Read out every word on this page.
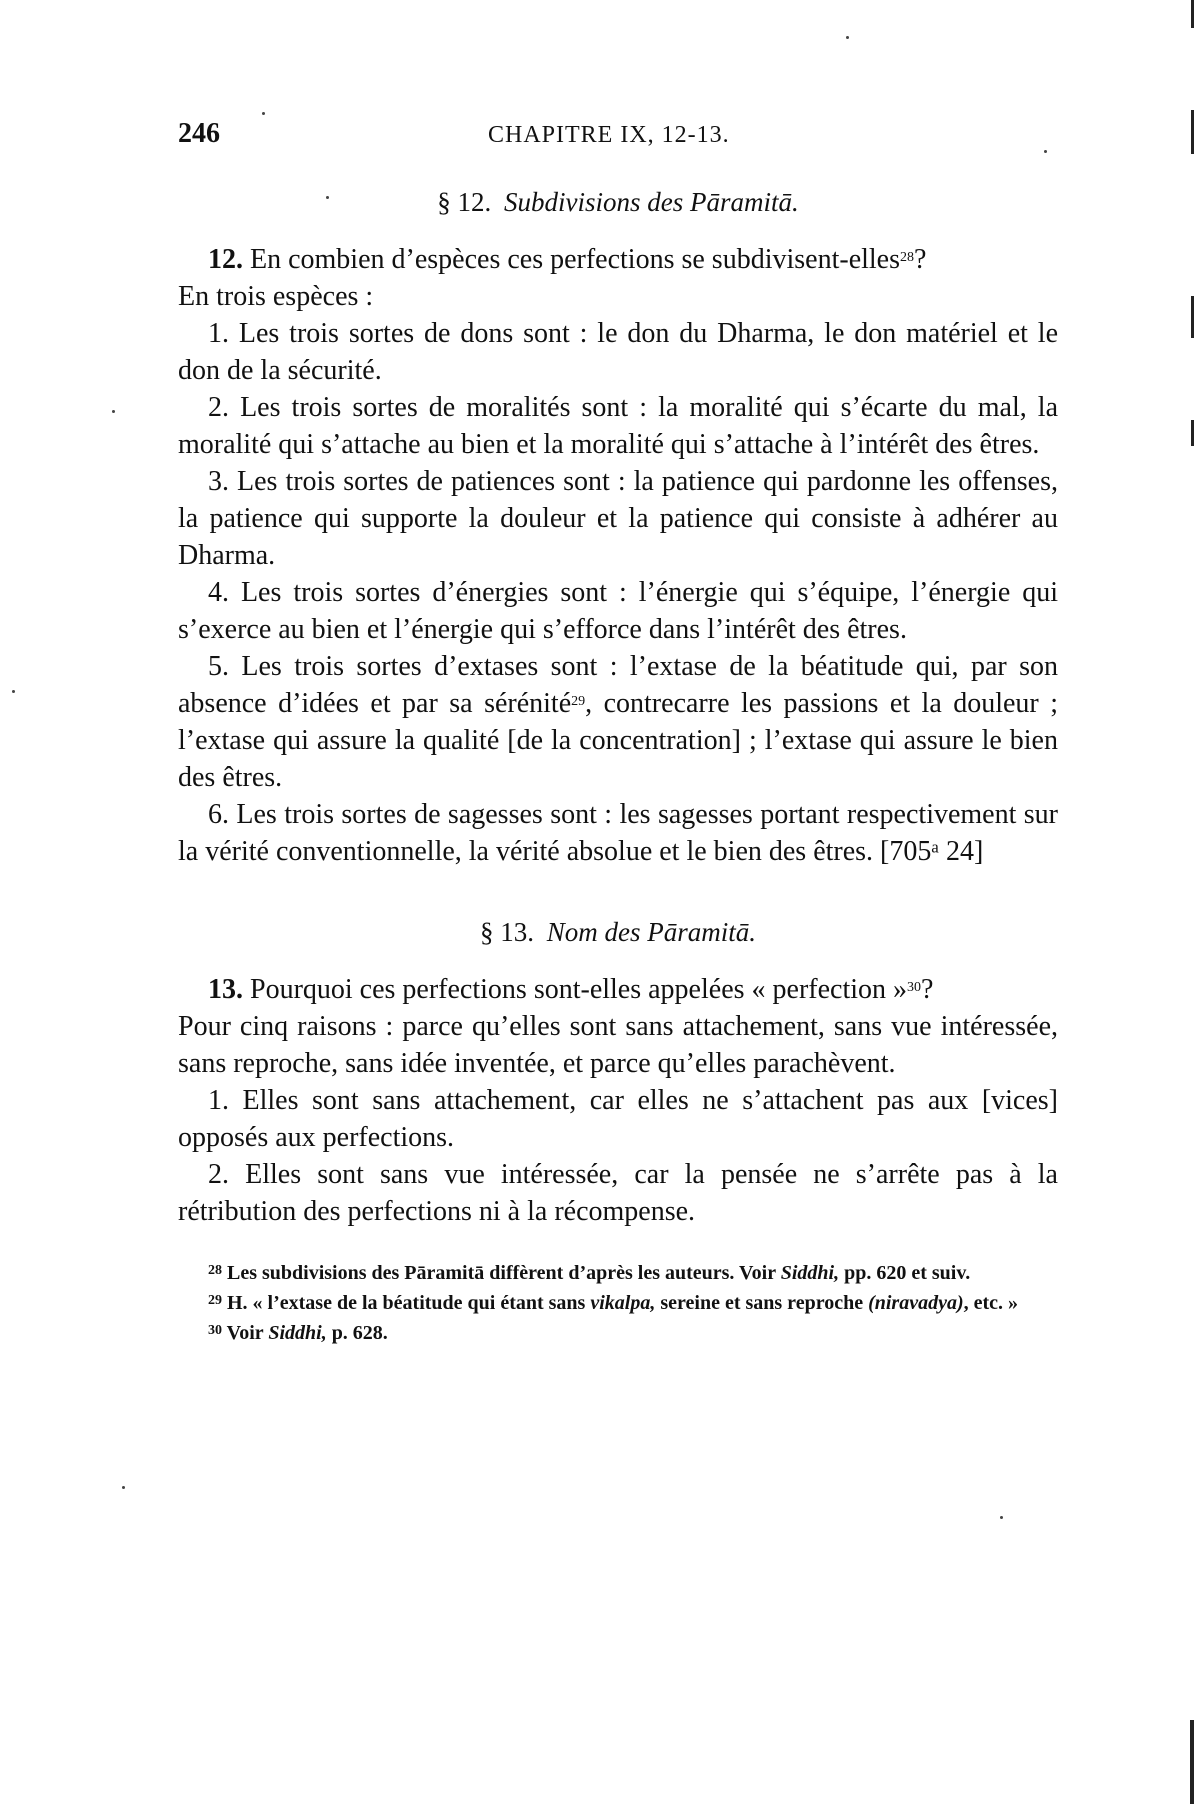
246	CHAPITRE IX, 12-13.
§ 12. Subdivisions des Pāramitā.

12. En combien d’espèces ces perfections se subdivisent-elles$^{28}$?

En trois espèces :

1. Les trois sortes de dons sont : le don du Dharma, le don matériel et le don de la sécurité.

2. Les trois sortes de moralités sont : la moralité qui s’écarte du mal, la moralité qui s’attache au bien et la moralité qui s’attache à l’intérêt des êtres.

3. Les trois sortes de patiences sont : la patience qui pardonne les offenses, la patience qui supporte la douleur et la patience qui consiste à adhérer au Dharma.

4. Les trois sortes d’énergies sont : l’énergie qui s’équipe, l’énergie qui s’exerce au bien et l’énergie qui s’efforce dans l’intérêt des êtres.

5. Les trois sortes d’extases sont : l’extase de la béatitude qui, par son absence d’idées et par sa sérénité$^{29}$, contrecarre les passions et la douleur ; l’extase qui assure la qualité [de la concentration] ; l’extase qui assure le bien des êtres.

6. Les trois sortes de sagesses sont : les sagesses portant respectivement sur la vérité conventionnelle, la vérité absolue et le bien des êtres. [705ᵃ 24]

§ 13. Nom des Pāramitā.

13. Pourquoi ces perfections sont-elles appelées « perfection »$^{30}$?

Pour cinq raisons : parce qu’elles sont sans attachement, sans vue intéressée, sans reproche, sans idée inventée, et parce qu’elles parachèvent.

1. Elles sont sans attachement, car elles ne s’attachent pas aux [vices] opposés aux perfections.

2. Elles sont sans vue intéressée, car la pensée ne s’arrête pas à la rétribution des perfections ni à la récompense.

$^{28}$ Les subdivisions des Pāramitā diffèrent d’après les auteurs. Voir Siddhi, pp. 620 et suiv.

$^{29}$ H. « l’extase de la béatitude qui étant sans vikalpa, sereine et sans reproche (niravadya), etc. »

$^{30}$ Voir Siddhi, p. 628.
